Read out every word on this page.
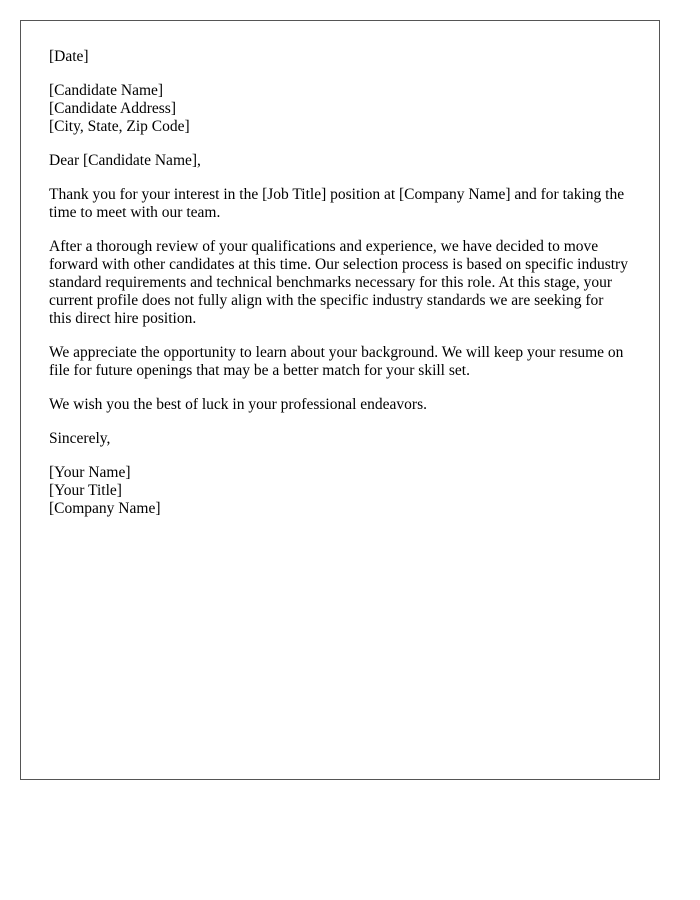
[Date]
[Candidate Name]
[Candidate Address]
[City, State, Zip Code]

Dear [Candidate Name],

Thank you for your interest in the [Job Title] position at [Company Name] and for taking the time to meet with our team.

After a thorough review of your qualifications and experience, we have decided to move forward with other candidates at this time. Our selection process is based on specific industry standard requirements and technical benchmarks necessary for this role. At this stage, your current profile does not fully align with the specific industry standards we are seeking for this direct hire position.

We appreciate the opportunity to learn about your background. We will keep your resume on file for future openings that may be a better match for your skill set.

We wish you the best of luck in your professional endeavors.

Sincerely,

[Your Name]
[Your Title]
[Company Name]
